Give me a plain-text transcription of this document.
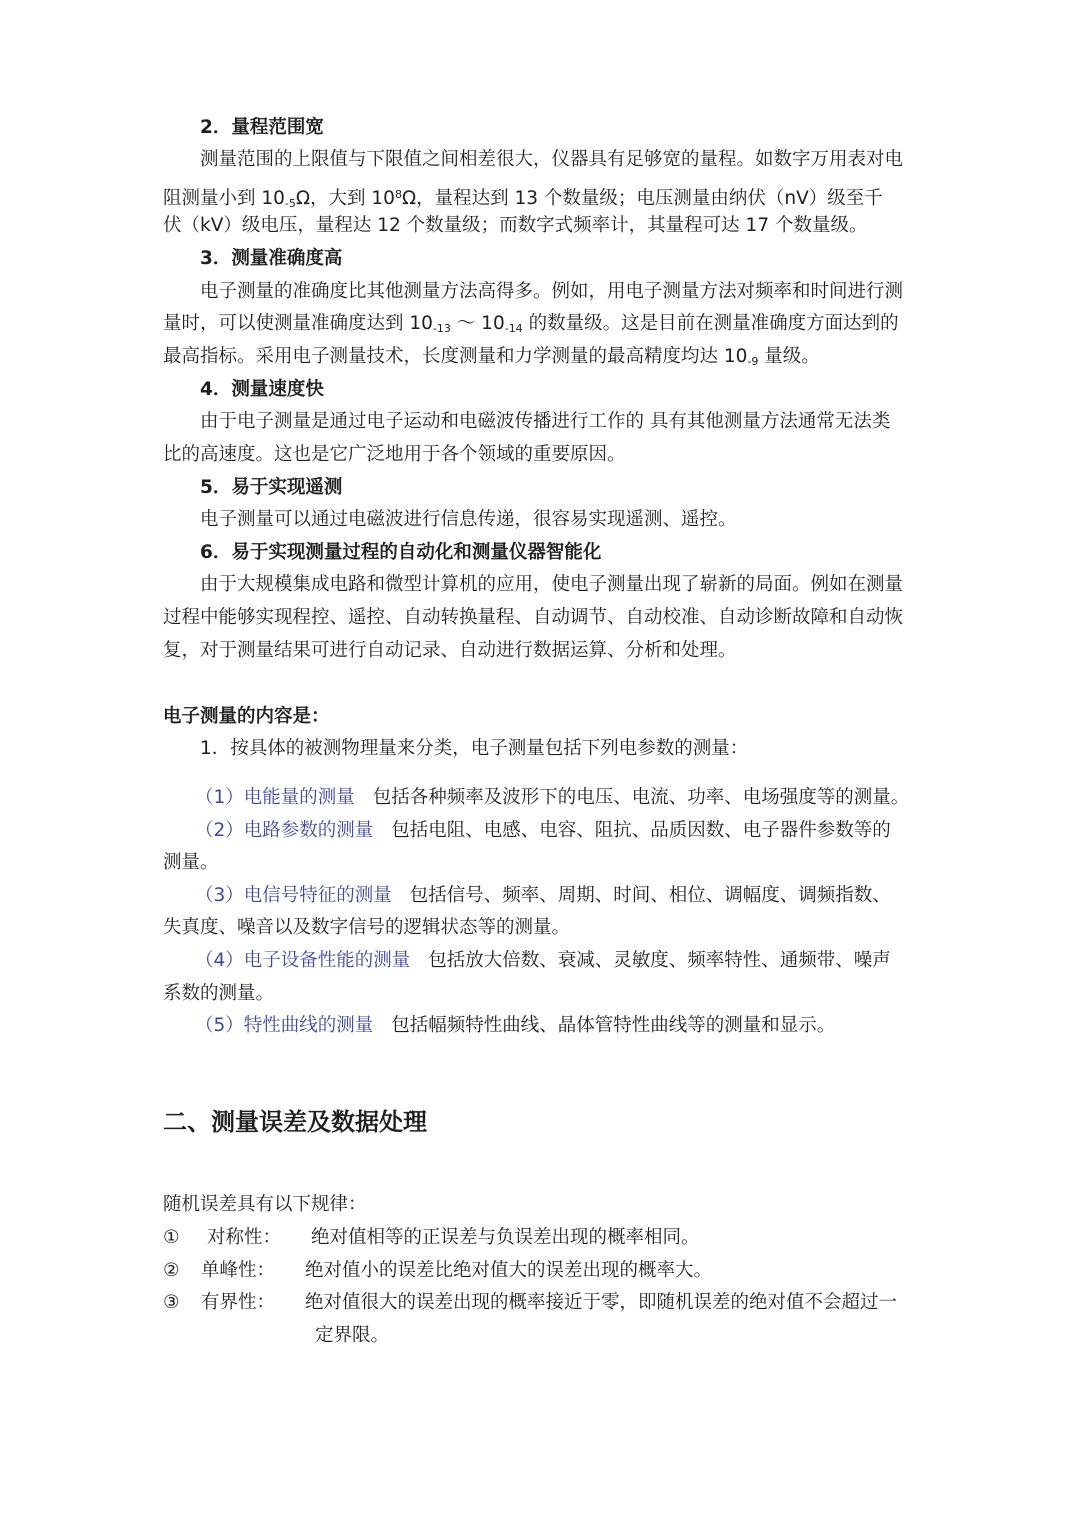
2．量程范围宽
测量范围的上限值与下限值之间相差很大，仪器具有足够宽的量程。如数字万用表对电
阻测量小到 $10_{-5}\Omega$，大到 $10^8\Omega$，量程达到 13 个数量级；电压测量由纳伏（nV）级至千
伏（kV）级电压，量程达 12 个数量级；而数字式频率计，其量程可达 17 个数量级。
3．测量准确度高
电子测量的准确度比其他测量方法高得多。例如，用电子测量方法对频率和时间进行测
量时，可以使测量准确度达到 $10_{-13}$ ～ $10_{-14}$ 的数量级。这是目前在测量准确度方面达到的
最高指标。采用电子测量技术，长度测量和力学测量的最高精度均达 $10_{-9}$ 量级。
4．测量速度快
由于电子测量是通过电子运动和电磁波传播进行工作的 具有其他测量方法通常无法类
比的高速度。这也是它广泛地用于各个领域的重要原因。
5．易于实现遥测
电子测量可以通过电磁波进行信息传递，很容易实现遥测、遥控。
6．易于实现测量过程的自动化和测量仪器智能化
由于大规模集成电路和微型计算机的应用，使电子测量出现了崭新的局面。例如在测量
过程中能够实现程控、遥控、自动转换量程、自动调节、自动校准、自动诊断故障和自动恢
复，对于测量结果可进行自动记录、自动进行数据运算、分析和处理。
电子测量的内容是：
1．按具体的被测物理量来分类，电子测量包括下列电参数的测量：
（1）电能量的测量 包括各种频率及波形下的电压、电流、功率、电场强度等的测量。
（2）电路参数的测量 包括电阻、电感、电容、阻抗、品质因数、电子器件参数等的
测量。
（3）电信号特征的测量 包括信号、频率、周期、时间、相位、调幅度、调频指数、
失真度、噪音以及数字信号的逻辑状态等的测量。
（4）电子设备性能的测量 包括放大倍数、衰减、灵敏度、频率特性、通频带、噪声
系数的测量。
（5）特性曲线的测量 包括幅频特性曲线、晶体管特性曲线等的测量和显示。
二、测量误差及数据处理
随机误差具有以下规律：
① 对称性： 绝对值相等的正误差与负误差出现的概率相同。
② 单峰性： 绝对值小的误差比绝对值大的误差出现的概率大。
③ 有界性： 绝对值很大的误差出现的概率接近于零，即随机误差的绝对值不会超过一
定界限。
